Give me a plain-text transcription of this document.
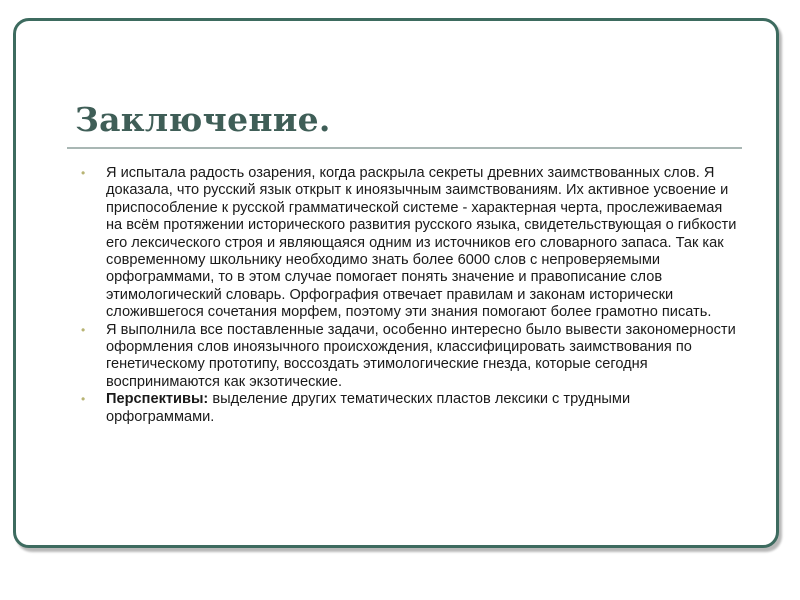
Заключение.
• Я испытала радость озарения, когда раскрыла секреты древних заимствованных слов. Я доказала, что русский язык открыт к иноязычным заимствованиям. Их активное усвоение и приспособление к русской грамматической системе - характерная черта, прослеживаемая на всём протяжении исторического развития русского языка, свидетельствующая о гибкости его лексического строя и являющаяся одним из источников его словарного запаса. Так как современному школьнику необходимо знать более 6000 слов с непроверяемыми орфограммами, то в этом случае помогает понять значение и правописание слов этимологический словарь. Орфография отвечает правилам и законам исторически сложившегося сочетания морфем, поэтому эти знания помогают более грамотно писать.
• Я выполнила все поставленные задачи, особенно интересно было вывести закономерности оформления слов иноязычного происхождения, классифицировать заимствования по генетическому прототипу, воссоздать этимологические гнезда, которые сегодня воспринимаются как экзотические.
• Перспективы: выделение других тематических пластов лексики с трудными орфограммами.
